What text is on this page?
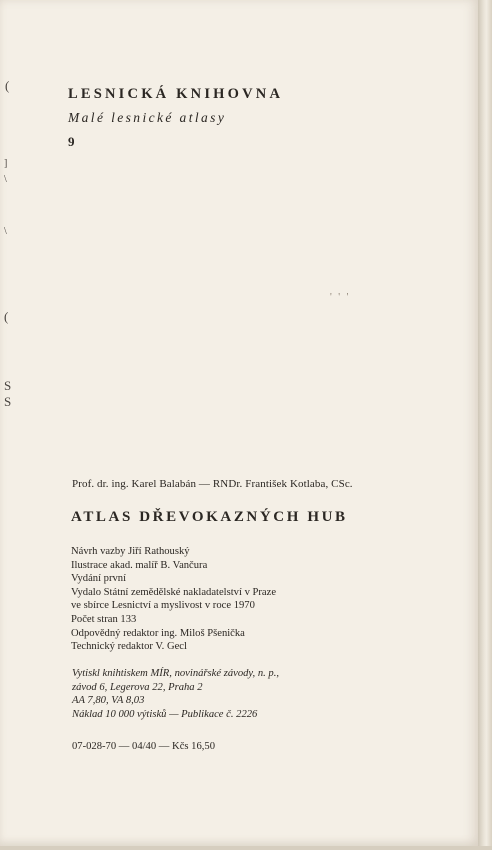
(
]
\
\
(
S
S
' ' '
LESNICKÁ KNIHOVNA
Malé lesnické atlasy
9
Prof. dr. ing. Karel Balabán — RNDr. František Kotlaba, CSc.
ATLAS DŘEVOKAZNÝCH HUB
Návrh vazby Jiří Rathouský
Ilustrace akad. malíř B. Vančura
Vydání první
Vydalo Státní zemědělské nakladatelství v Praze
ve sbírce Lesnictví a myslivost v roce 1970
Počet stran 133
Odpovědný redaktor ing. Miloš Pšenička
Technický redaktor V. Gecl
Vytiskl knihtiskem MÍR, novinářské závody, n. p.,
závod 6, Legerova 22, Praha 2
AA 7,80, VA 8,03
Náklad 10 000 výtisků — Publikace č. 2226
07-028-70 — 04/40 — Kčs 16,50
